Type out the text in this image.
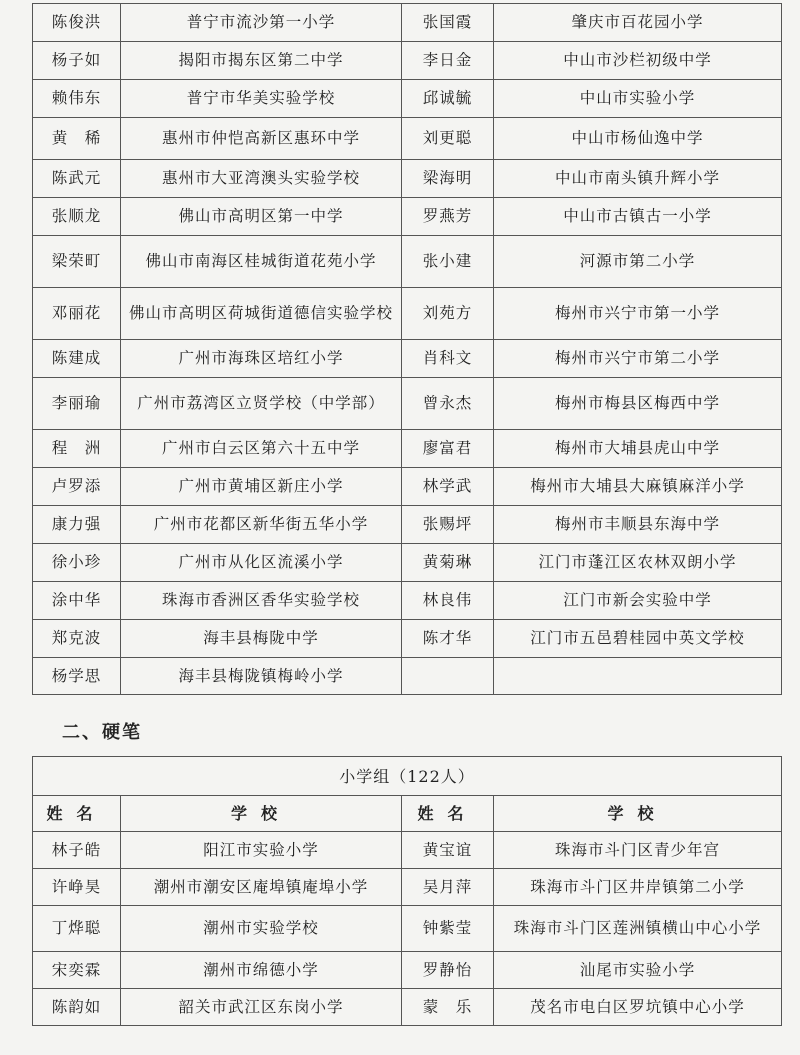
陈俊洪	普宁市流沙第一小学	张国霞	肇庆市百花园小学
杨子如	揭阳市揭东区第二中学	李日金	中山市沙栏初级中学
赖伟东	普宁市华美实验学校	邱诚毓	中山市实验小学
黄　稀	惠州市仲恺高新区惠环中学	刘更聪	中山市杨仙逸中学
陈武元	惠州市大亚湾澳头实验学校	梁海明	中山市南头镇升辉小学
张顺龙	佛山市高明区第一中学	罗燕芳	中山市古镇古一小学
梁荣町	佛山市南海区桂城街道花苑小学	张小建	河源市第二小学
邓丽花	佛山市高明区荷城街道德信实验学校	刘苑方	梅州市兴宁市第一小学
陈建成	广州市海珠区培红小学	肖科文	梅州市兴宁市第二小学
李丽瑜	广州市荔湾区立贤学校（中学部）	曾永杰	梅州市梅县区梅西中学
程　洲	广州市白云区第六十五中学	廖富君	梅州市大埔县虎山中学
卢罗添	广州市黄埔区新庄小学	林学武	梅州市大埔县大麻镇麻洋小学
康力强	广州市花都区新华街五华小学	张赐坪	梅州市丰顺县东海中学
徐小珍	广州市从化区流溪小学	黄菊琳	江门市蓬江区农林双朗小学
涂中华	珠海市香洲区香华实验学校	林良伟	江门市新会实验中学
郑克波	海丰县梅陇中学	陈才华	江门市五邑碧桂园中英文学校
杨学思	海丰县梅陇镇梅岭小学		
二、硬笔
小学组（122人）			
姓名	学校	姓名	学校
林子皓	阳江市实验小学	黄宝谊	珠海市斗门区青少年宫
许峥昊	潮州市潮安区庵埠镇庵埠小学	吴月萍	珠海市斗门区井岸镇第二小学
丁烨聪	潮州市实验学校	钟紫莹	珠海市斗门区莲洲镇横山中心小学
宋奕霖	潮州市绵德小学	罗静怡	汕尾市实验小学
陈韵如	韶关市武江区东岗小学	蒙　乐	茂名市电白区罗坑镇中心小学
